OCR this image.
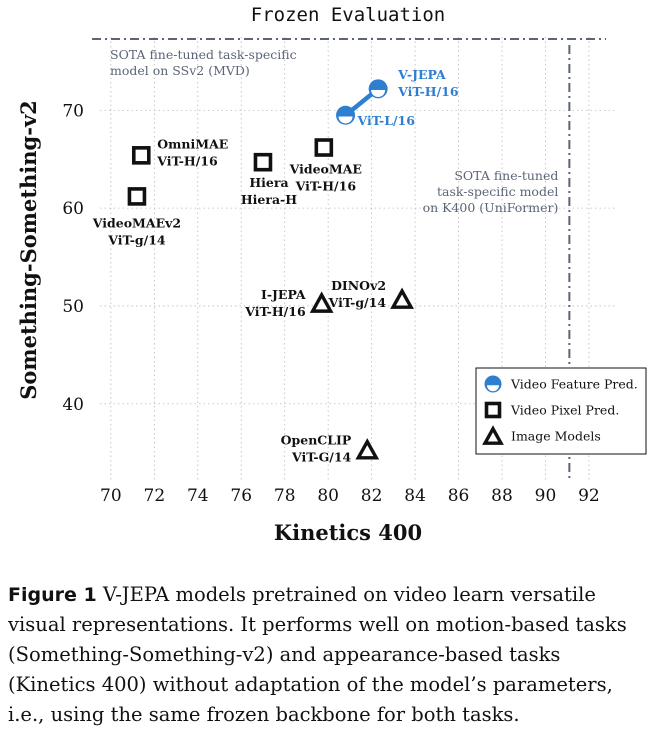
Frozen Evaluation
SOTA fine-tuned task-specific
model on SSv2 (MVD)
SOTA fine-tuned
task-specific model
on K400 (UniFormer)
70 72 74 76 78 80 82 84 86 88 90 92
40
50
60
70
Kinetics 400
Something-Something-v2
V-JEPA
ViT-H/16
ViT-L/16
OmniMAE
ViT-H/16
VideoMAEv2
ViT-g/14
Hiera
Hiera-H
VideoMAE
ViT-H/16
I-JEPA
ViT-H/16
DINOv2
ViT-g/14
OpenCLIP
ViT-G/14
Video Feature Pred.
Video Pixel Pred.
Image Models
Figure 1 V-JEPA models pretrained on video learn versatile visual representations. It performs well on motion-based tasks (Something-Something-v2) and appearance-based tasks (Kinetics 400) without adaptation of the model’s parameters, i.e., using the same frozen backbone for both tasks.
